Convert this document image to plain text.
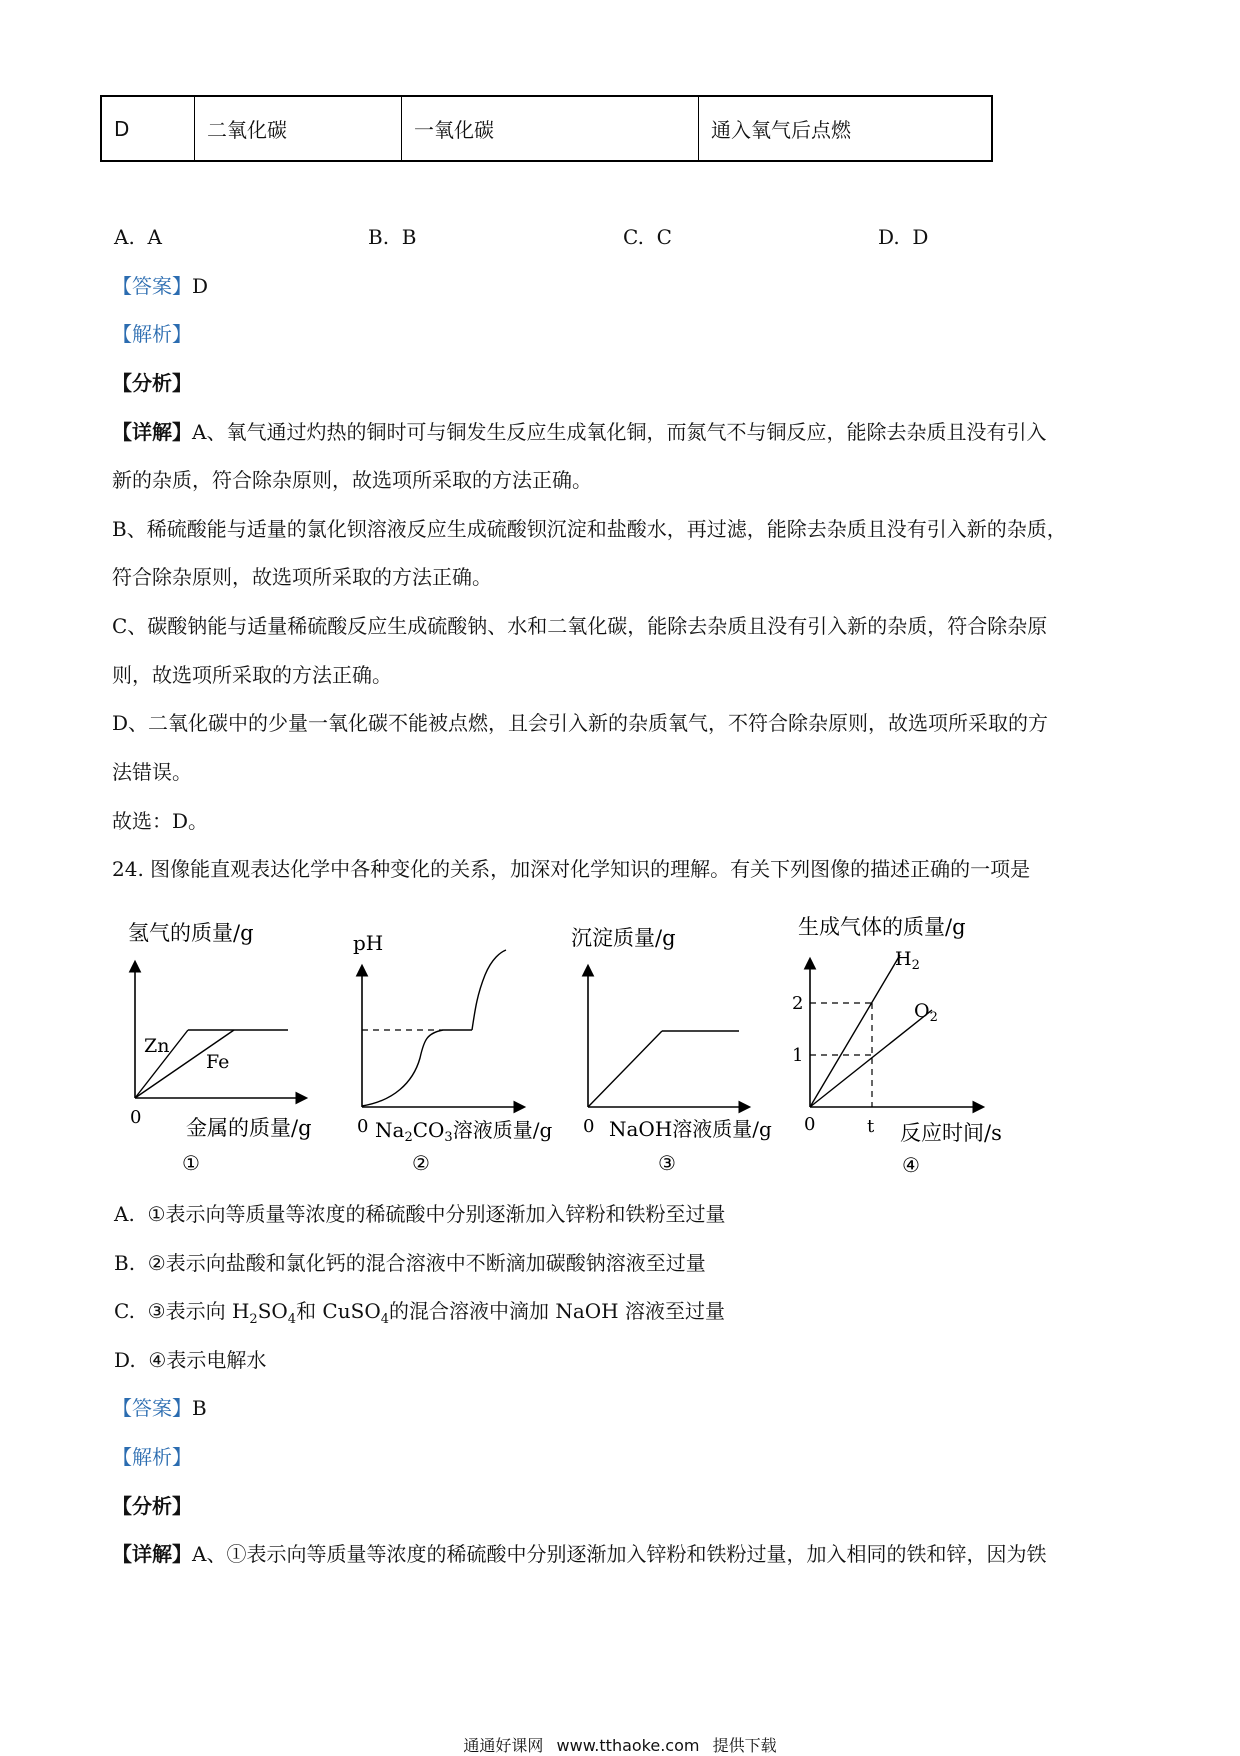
D	二氧化碳	一氧化碳	通入氧气后点燃
A. A	B. B	C. C	D. D
【答案】D
【解析】
【分析】
【详解】A、氧气通过灼热的铜时可与铜发生反应生成氧化铜，而氮气不与铜反应，能除去杂质且没有引入
新的杂质，符合除杂原则，故选项所采取的方法正确。
B、稀硫酸能与适量的氯化钡溶液反应生成硫酸钡沉淀和盐酸水，再过滤，能除去杂质且没有引入新的杂质，
符合除杂原则，故选项所采取的方法正确。
C、碳酸钠能与适量稀硫酸反应生成硫酸钠、水和二氧化碳，能除去杂质且没有引入新的杂质，符合除杂原
则，故选项所采取的方法正确。
D、二氧化碳中的少量一氧化碳不能被点燃，且会引入新的杂质氧气，不符合除杂原则，故选项所采取的方
法错误。
故选：D。
24. 图像能直观表达化学中各种变化的关系，加深对化学知识的理解。有关下列图像的描述正确的一项是
氢气的质量/g
Zn
Fe
0 金属的质量/g
①
pH
0 $Na_2CO_3$溶液质量/g
②
沉淀质量/g
0 NaOH溶液质量/g
③
生成气体的质量/g
2
1
0	t
$H_2$
$O_2$
反应时间/s
④
A. ①表示向等质量等浓度的稀硫酸中分别逐渐加入锌粉和铁粉至过量
B. ②表示向盐酸和氯化钙的混合溶液中不断滴加碳酸钠溶液至过量
C. ③表示向 $H_2SO_4$和 CuSO$_4$的混合溶液中滴加 NaOH 溶液至过量
D. ④表示电解水
【答案】B
【解析】
【分析】
【详解】A、①表示向等质量等浓度的稀硫酸中分别逐渐加入锌粉和铁粉过量，加入相同的铁和锌，因为铁
通通好课网 www.tthaoke.com 提供下载
